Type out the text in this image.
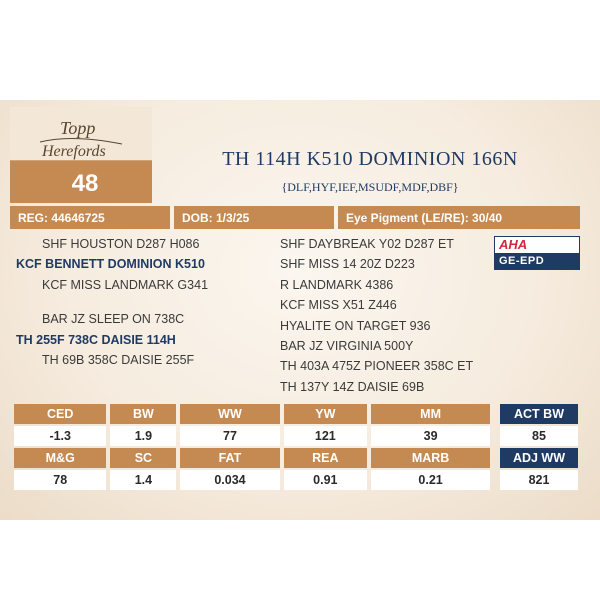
Topp
Herefords
48
TH 114H K510 DOMINION 166N
{DLF,HYF,IEF,MSUDF,MDF,DBF}
REG: 44646725	DOB: 1/3/25	Eye Pigment (LE/RE): 30/40
SHF HOUSTON D287 H086
KCF BENNETT DOMINION K510
KCF MISS LANDMARK G341
BAR JZ SLEEP ON 738C
TH 255F 738C DAISIE 114H
TH 69B 358C DAISIE 255F
SHF DAYBREAK Y02 D287 ET
SHF MISS 14 20Z D223
R LANDMARK 4386
KCF MISS X51 Z446
HYALITE ON TARGET 936
BAR JZ VIRGINIA 500Y
TH 403A 475Z PIONEER 358C ET
TH 137Y 14Z DAISIE 69B
AHA
GE-EPD
CED	BW	WW	YW	MM
-1.3	1.9	77	121	39
M&G	SC	FAT	REA	MARB
78	1.4	0.034	0.91	0.21
ACT BW
85
ADJ WW
821
